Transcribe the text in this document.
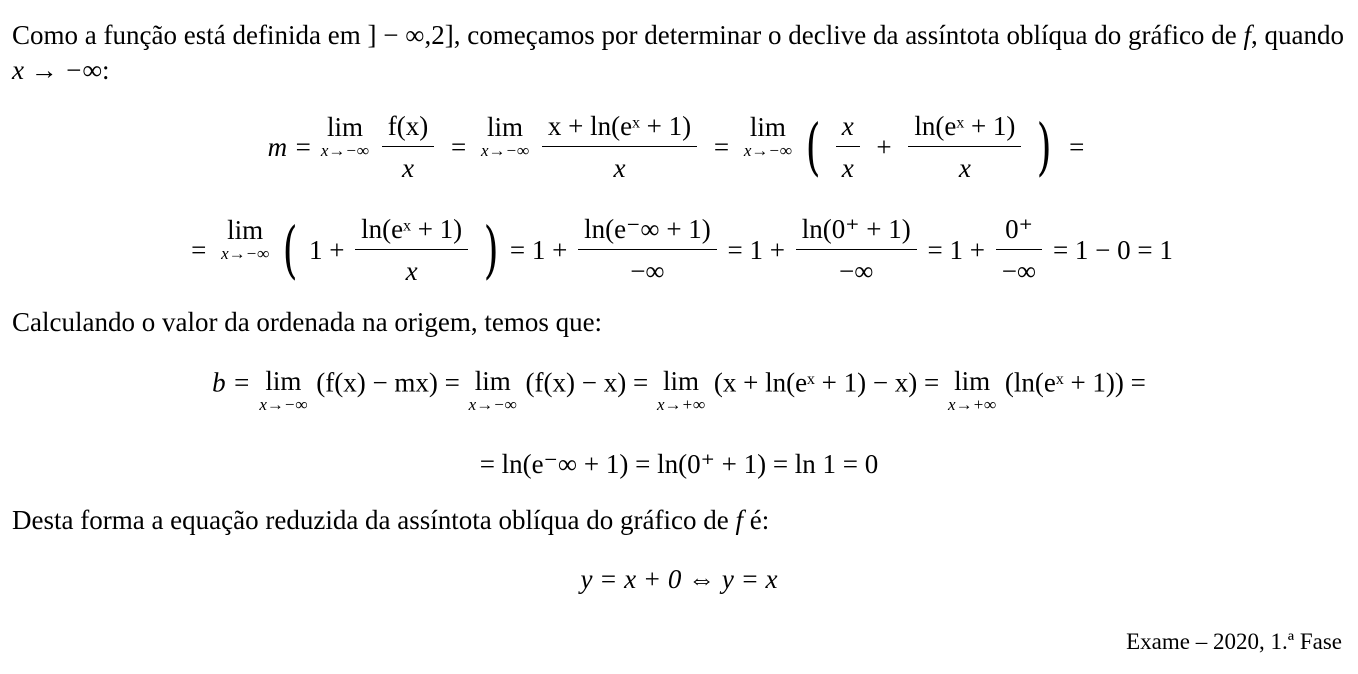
Como a função está definida em ] − ∞,2], começamos por determinar o declive da assíntota oblíqua do gráfico de f, quando x → −∞:
m =
lim
x→−∞
$\frac{f(x)}{x}$ =
lim
x→−∞
$\frac{\text{x + ln(eˣ + 1)}}{x}$ =
lim
x→−∞ ( $\frac{x}{x} + \frac{\text{ln(eˣ + 1)}}{x}$ ) =
=
lim
x→−∞ ( $1 + \frac{\text{ln(eˣ + 1)}}{x}$ ) = $1 + \frac{\ln(e^-\infty + 1)}{-\infty} = 1 + \frac{\ln(0^+ + 1)}{-\infty} = 1 + \frac{0^+}{-\infty} = 1 - 0 = 1$
Calculando o valor da ordenada na origem, temos que:
b = lim
x→−∞
(f(x) − mx) = lim
x→−∞
(f(x) − x) = lim
x→+∞
(x + ln(eˣ + 1) − x) = lim
x→+∞
(ln(eˣ + 1)) =
= ln(e⁻∞ + 1) = ln(0⁺ + 1) = ln 1 = 0
Desta forma a equação reduzida da assíntota oblíqua do gráfico de f é:
y = x + 0 ⇔ y = x
Exame – 2020, 1.ª Fase
